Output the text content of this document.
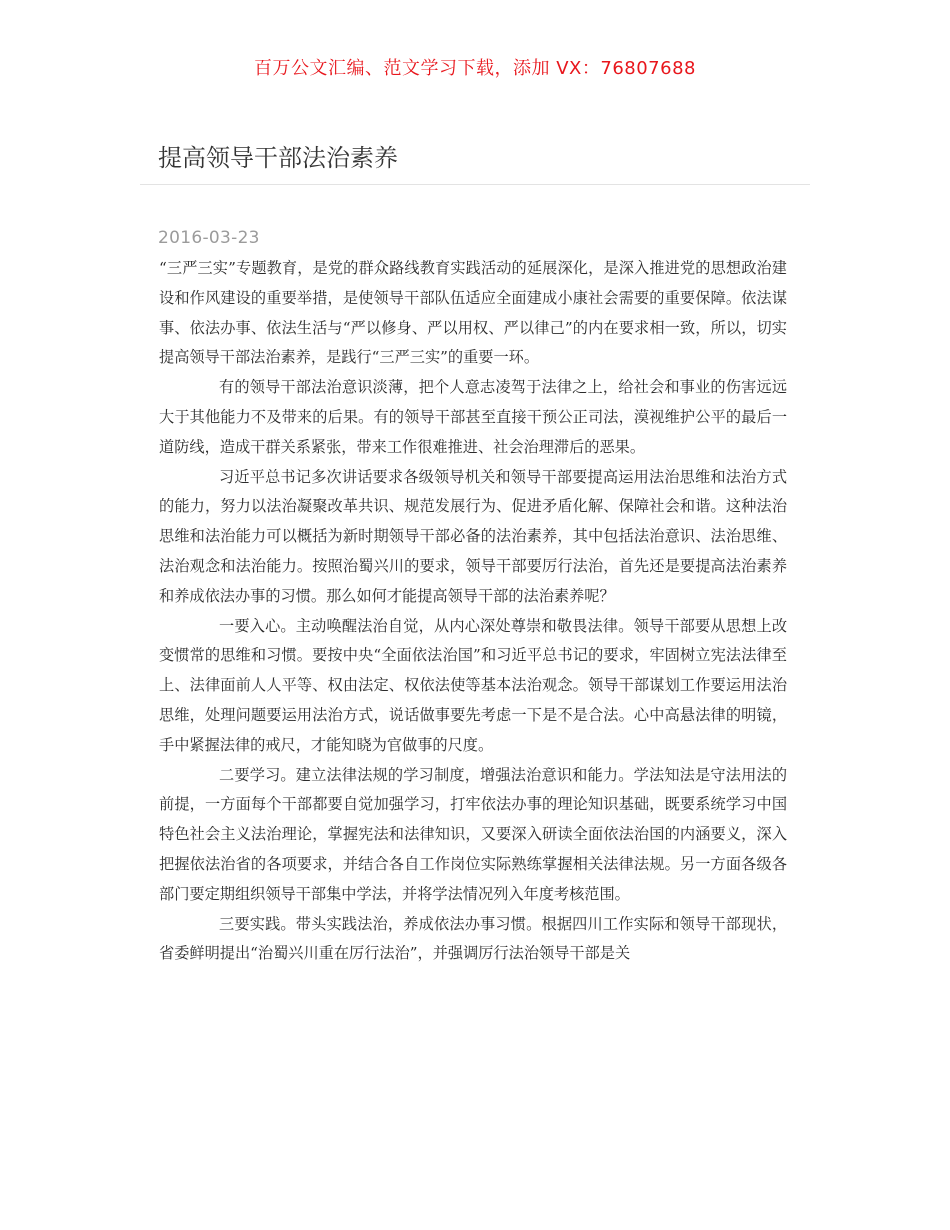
百万公文汇编、范文学习下载，添加 VX：76807688
提高领导干部法治素养
2016-03-23

“三严三实”专题教育，是党的群众路线教育实践活动的延展深化，是深入推进党的思想政治建设和作风建设的重要举措，是使领导干部队伍适应全面建成小康社会需要的重要保障。依法谋事、依法办事、依法生活与“严以修身、严以用权、严以律己”的内在要求相一致，所以，切实提高领导干部法治素养，是践行“三严三实”的重要一环。

有的领导干部法治意识淡薄，把个人意志凌驾于法律之上，给社会和事业的伤害远远大于其他能力不及带来的后果。有的领导干部甚至直接干预公正司法，漠视维护公平的最后一道防线，造成干群关系紧张，带来工作很难推进、社会治理滞后的恶果。

习近平总书记多次讲话要求各级领导机关和领导干部要提高运用法治思维和法治方式的能力，努力以法治凝聚改革共识、规范发展行为、促进矛盾化解、保障社会和谐。这种法治思维和法治能力可以概括为新时期领导干部必备的法治素养，其中包括法治意识、法治思维、法治观念和法治能力。按照治蜀兴川的要求，领导干部要厉行法治，首先还是要提高法治素养和养成依法办事的习惯。那么如何才能提高领导干部的法治素养呢？

一要入心。主动唤醒法治自觉，从内心深处尊崇和敬畏法律。领导干部要从思想上改变惯常的思维和习惯。要按中央“全面依法治国”和习近平总书记的要求，牢固树立宪法法律至上、法律面前人人平等、权由法定、权依法使等基本法治观念。领导干部谋划工作要运用法治思维，处理问题要运用法治方式，说话做事要先考虑一下是不是合法。心中高悬法律的明镜，手中紧握法律的戒尺，才能知晓为官做事的尺度。

二要学习。建立法律法规的学习制度，增强法治意识和能力。学法知法是守法用法的前提，一方面每个干部都要自觉加强学习，打牢依法办事的理论知识基础，既要系统学习中国特色社会主义法治理论，掌握宪法和法律知识，又要深入研读全面依法治国的内涵要义，深入把握依法治省的各项要求，并结合各自工作岗位实际熟练掌握相关法律法规。另一方面各级各部门要定期组织领导干部集中学法，并将学法情况列入年度考核范围。

三要实践。带头实践法治，养成依法办事习惯。根据四川工作实际和领导干部现状，省委鲜明提出“治蜀兴川重在厉行法治”，并强调厉行法治领导干部是关
